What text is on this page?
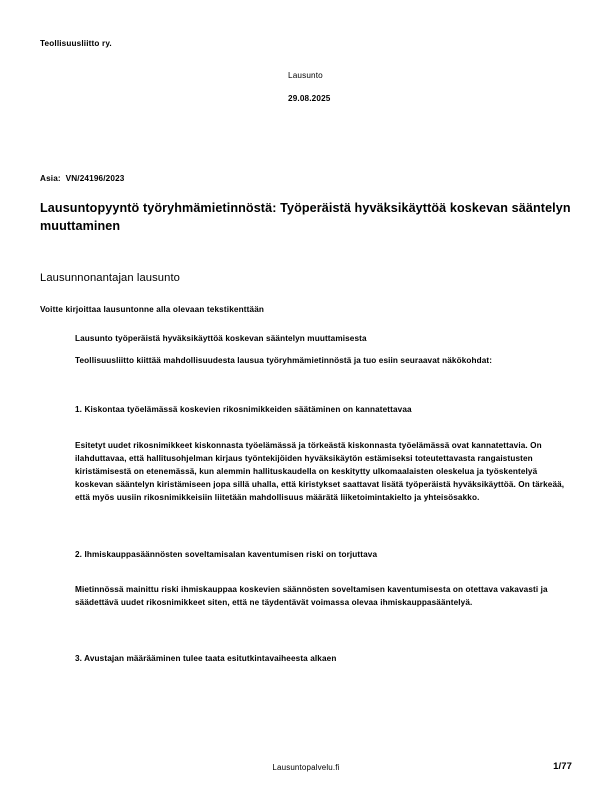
Teollisuusliitto ry.
Lausunto
29.08.2025
Asia:  VN/24196/2023
Lausuntopyyntö työryhmämietinnöstä: Työperäistä hyväksikäyttöä koskevan sääntelyn muuttaminen
Lausunnonantajan lausunto
Voitte kirjoittaa lausuntonne alla olevaan tekstikenttään

Lausunto työperäistä hyväksikäyttöä koskevan sääntelyn muuttamisesta

Teollisuusliitto kiittää mahdollisuudesta lausua työryhmämietinnöstä ja tuo esiin seuraavat näkökohdat:

1. Kiskontaa työelämässä koskevien rikosnimikkeiden säätäminen on kannatettavaa

Esitetyt uudet rikosnimikkeet kiskonnasta työelämässä ja törkeästä kiskonnasta työelämässä ovat kannatettavia. On ilahduttavaa, että hallitusohjelman kirjaus työntekijöiden hyväksikäytön estämiseksi toteutettavasta rangaistusten kiristämisestä on etenemässä, kun alemmin hallituskaudella on keskitytty ulkomaalaisten oleskelua ja työskentelyä koskevan sääntelyn kiristämiseen jopa sillä uhalla, että kiristykset saattavat lisätä työperäistä hyväksikäyttöä. On tärkeää, että myös uusiin rikosnimikkeisiin liitetään mahdollisuus määrätä liiketoimintakielto ja yhteisösakko.

2. Ihmiskauppasäännösten soveltamisalan kaventumisen riski on torjuttava

Mietinnössä mainittu riski ihmiskauppaa koskevien säännösten soveltamisen kaventumisesta on otettava vakavasti ja säädettävä uudet rikosnimikkeet siten, että ne täydentävät voimassa olevaa ihmiskauppasääntelyä.

3. Avustajan määrääminen tulee taata esitutkintavaiheesta alkaen

Lausuntopalvelu.fi	1/77
